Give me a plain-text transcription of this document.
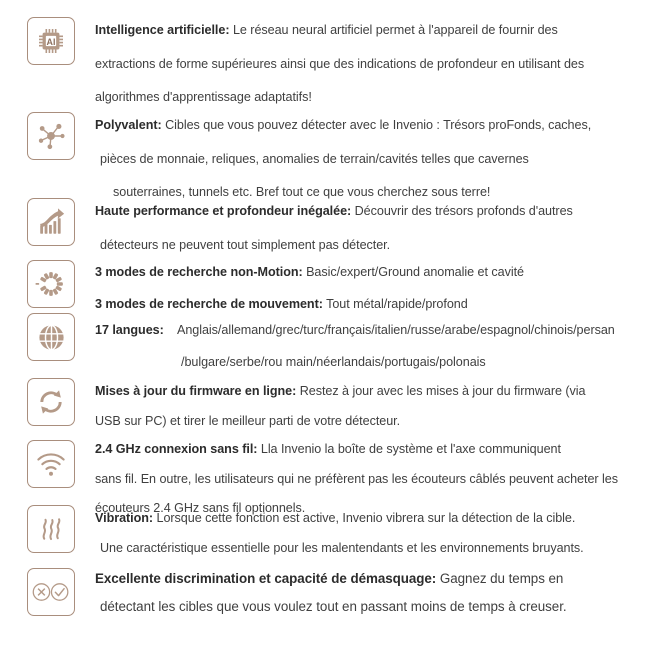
AI
Intelligence artificielle: Le réseau neural artificiel permet à l'appareil de fournir des
extractions de forme supérieures ainsi que des indications de profondeur en utilisant des
algorithmes d'apprentissage adaptatifs!
Polyvalent: Cibles que vous pouvez détecter avec le Invenio : Trésors proFonds, caches,
pièces de monnaie, reliques, anomalies de terrain/cavités telles que cavernes
souterraines, tunnels etc. Bref tout ce que vous cherchez sous terre!
Haute performance et profondeur inégalée: Découvrir des trésors profonds d'autres
détecteurs ne peuvent tout simplement pas détecter.
3 modes de recherche non-Motion: Basic/expert/Ground anomalie et cavité
3 modes de recherche de mouvement: Tout métal/rapide/profond
17 langues: Anglais/allemand/grec/turc/français/italien/russe/arabe/espagnol/chinois/persan
/bulgare/serbe/rou main/néerlandais/portugais/polonais
Mises à jour du firmware en ligne: Restez à jour avec les mises à jour du firmware (via
USB sur PC) et tirer le meilleur parti de votre détecteur.
2.4 GHz connexion sans fil: Lla Invenio la boîte de système et l'axe communiquent
sans fil. En outre, les utilisateurs qui ne préfèrent pas les écouteurs câblés peuvent acheter les
écouteurs 2.4 GHz sans fil optionnels.
Vibration: Lorsque cette fonction est active, Invenio vibrera sur la détection de la cible.
Une caractéristique essentielle pour les malentendants et les environnements bruyants.
Excellente discrimination et capacité de démasquage: Gagnez du temps en
détectant les cibles que vous voulez tout en passant moins de temps à creuser.
